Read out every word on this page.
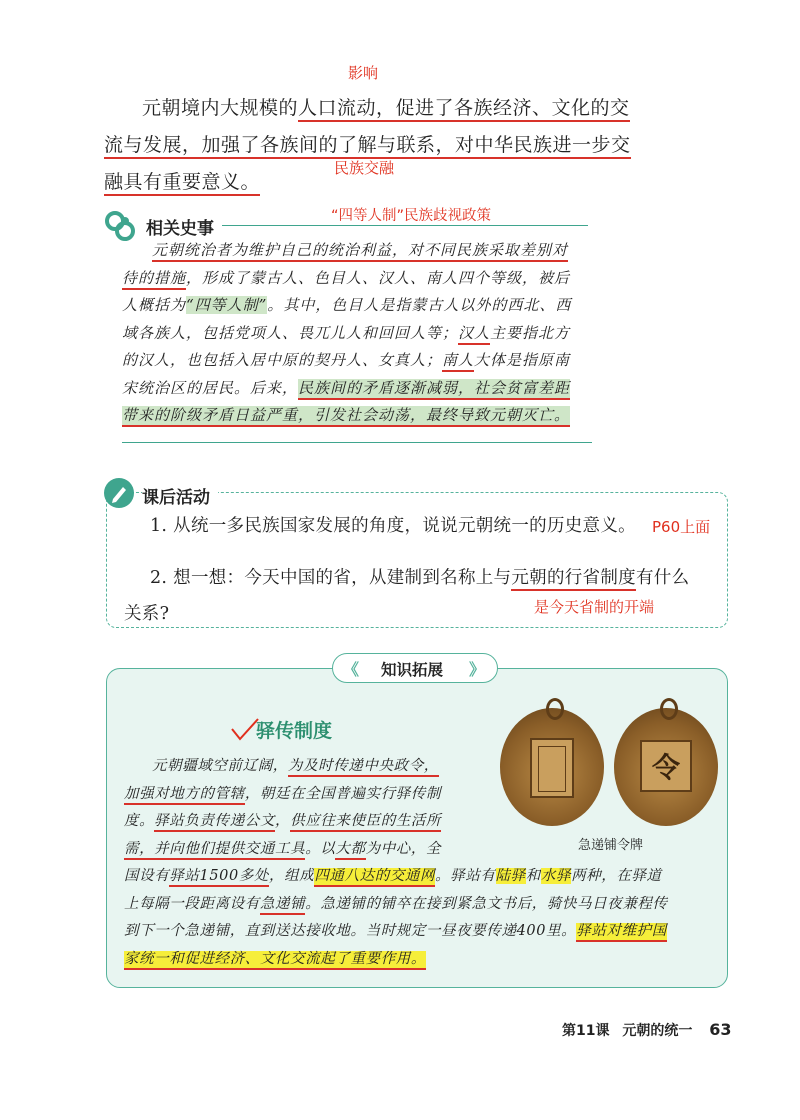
影响
元朝境内大规模的人口流动，促进了各族经济、文化的交
流与发展，加强了各族间的了解与联系，对中华民族进一步交
融具有重要意义。
民族交融
“四等人制”民族歧视政策
相关史事
元朝统治者为维护自己的统治利益，对不同民族采取差别对
待的措施，形成了蒙古人、色目人、汉人、南人四个等级，被后
人概括为“四等人制”。其中，色目人是指蒙古人以外的西北、西
域各族人，包括党项人、畏兀儿人和回回人等；汉人主要指北方
的汉人，也包括入居中原的契丹人、女真人；南人大体是指原南
宋统治区的居民。后来，民族间的矛盾逐渐减弱，社会贫富差距
带来的阶级矛盾日益严重，引发社会动荡，最终导致元朝灭亡。
课后活动
1. 从统一多民族国家发展的角度，说说元朝统一的历史意义。 P60上面
2. 想一想：今天中国的省，从建制到名称上与元朝的行省制度有什么
关系?	是今天省制的开端
《 知识拓展 》
驿传制度
令
急递铺令牌
元朝疆域空前辽阔，为及时传递中央政令，
加强对地方的管辖，朝廷在全国普遍实行驿传制
度。驿站负责传递公文，供应往来使臣的生活所
需，并向他们提供交通工具。以大都为中心，全
国设有驿站1500多处，组成四通八达的交通网。驿站有陆驿和水驿两种，在驿道
上每隔一段距离设有急递铺。急递铺的铺卒在接到紧急文书后，骑快马日夜兼程传
到下一个急递铺，直到送达接收地。当时规定一昼夜要传递400里。驿站对维护国
家统一和促进经济、文化交流起了重要作用。
第11课 元朝的统一 63
